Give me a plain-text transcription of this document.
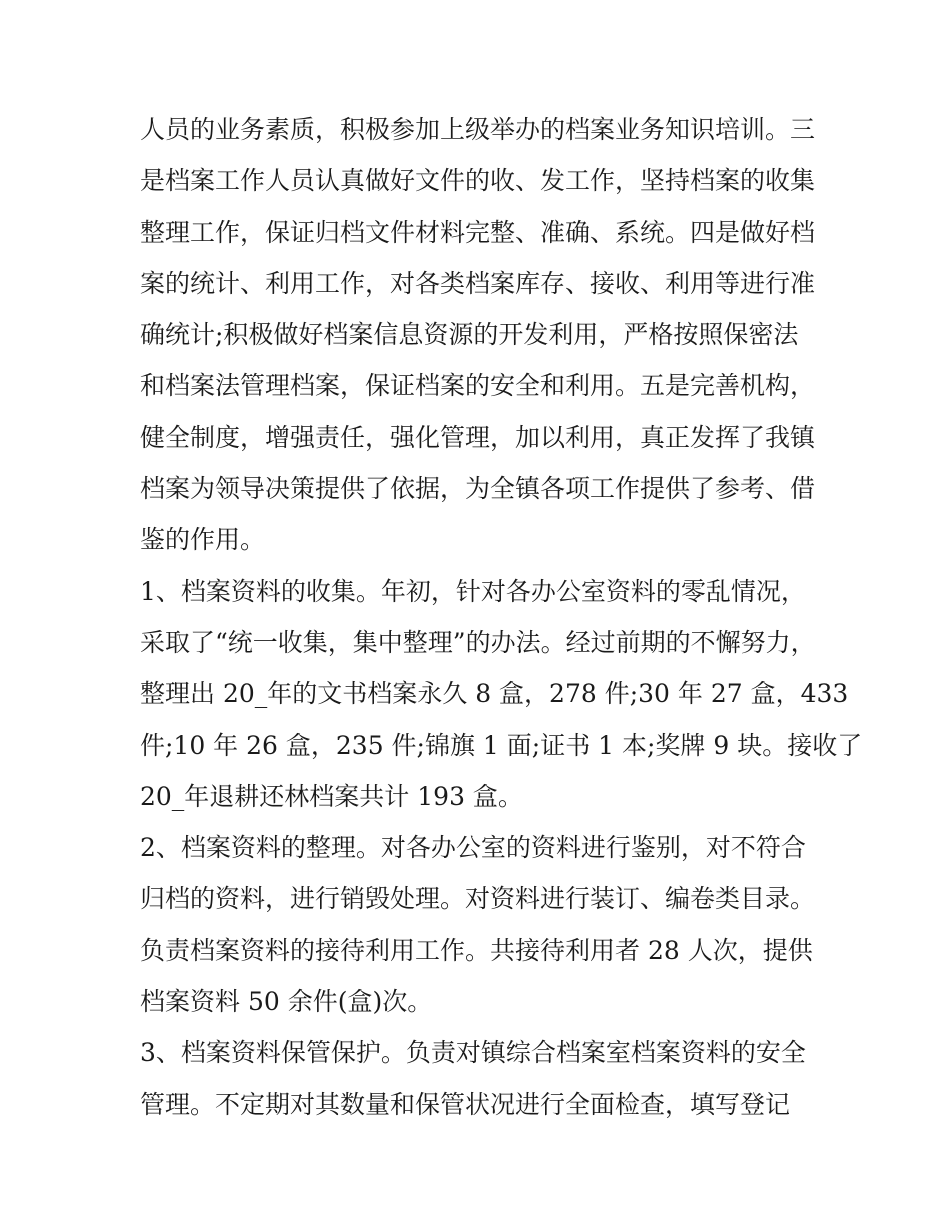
人员的业务素质，积极参加上级举办的档案业务知识培训。三
是档案工作人员认真做好文件的收、发工作，坚持档案的收集
整理工作，保证归档文件材料完整、准确、系统。四是做好档
案的统计、利用工作，对各类档案库存、接收、利用等进行准
确统计;积极做好档案信息资源的开发利用，严格按照保密法
和档案法管理档案，保证档案的安全和利用。五是完善机构，
健全制度，增强责任，强化管理，加以利用，真正发挥了我镇
档案为领导决策提供了依据，为全镇各项工作提供了参考、借
鉴的作用。
1、档案资料的收集。年初，针对各办公室资料的零乱情况，
采取了“统一收集，集中整理”的办法。经过前期的不懈努力，
整理出 20_年的文书档案永久 8 盒，278 件;30 年 27 盒，433
件;10 年 26 盒，235 件;锦旗 1 面;证书 1 本;奖牌 9 块。接收了
20_年退耕还林档案共计 193 盒。
2、档案资料的整理。对各办公室的资料进行鉴别，对不符合
归档的资料，进行销毁处理。对资料进行装订、编卷类目录。
负责档案资料的接待利用工作。共接待利用者 28 人次，提供
档案资料 50 余件(盒)次。
3、档案资料保管保护。负责对镇综合档案室档案资料的安全
管理。不定期对其数量和保管状况进行全面检查，填写登记
